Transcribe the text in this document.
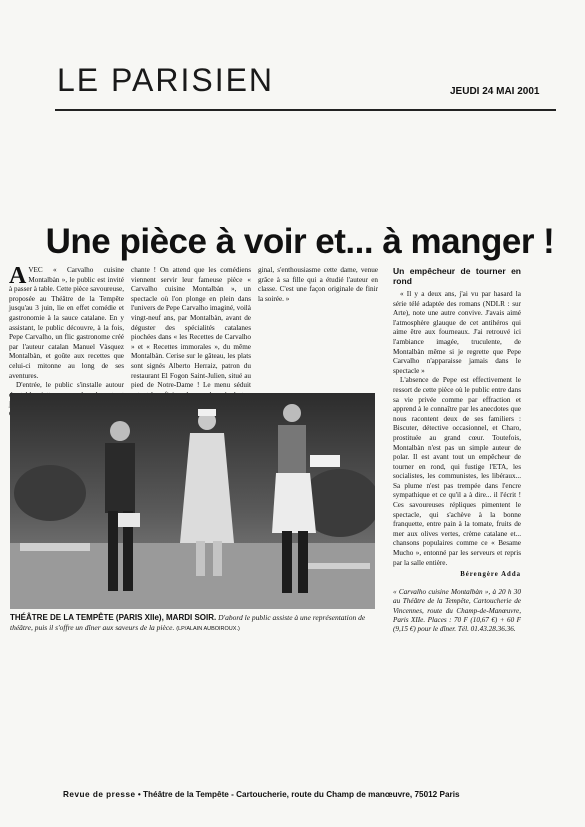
LE PARISIEN	JEUDI 24 MAI 2001
Une pièce à voir et... à manger !

AVEC « Carvalho cuisine Montalbàn », le public est invité à passer à table. Cette pièce savoureuse, proposée au Théâtre de la Tempête jusqu'au 3 juin, lie en effet comédie et gastronomie à la sauce catalane. En y assistant, le public découvre, à la fois, Pepe Carvalho, un flic gastronome créé par l'auteur catalan Manuel Vàsquez Montalbàn, et goûte aux recettes que celui-ci mitonne au long de ses aventures.

D'entrée, le public s'installe autour

chante ! On attend que les comédiens viennent servir leur fameuse pièce « Carvalho cuisine Montalbàn », un spectacle où l'on plonge en plein dans l'univers de Pepe Carvalho imaginé, voilà vingt-neuf ans, par Montalbàn, avant de déguster des spécialités catalanes piochées dans « les Recettes de Carvalho » et « Recettes immorales », du même Montalbàn. Cerise sur le gâteau, les plats sont signés Alberto Herraiz, patron du restaurant El Fogon Saint-Julien, situé au pied de Notre-Dame ! Le menu séduit

ginal, s'enthousiasme cette dame, venue grâce à sa fille qui a étudié l'auteur en classe. C'est une façon originale de finir la soirée. »

Un empêcheur de tourner en rond

« Il y a deux ans, j'ai vu par hasard la série télé adaptée des romans (NDLR : sur Arte), note une autre convive. J'avais aimé l'atmosphère glauque de cet antihéros qui aime être aux fourneaux. J'ai retrouvé ici l'ambiance imagée, truculente, de Montalbàn même si je regrette que Pepe Carvalho n'apparaisse jamais dans le spectacle »

L'absence de Pepe est effectivement le ressort de cette pièce où le public entre dans sa vie privée comme par effraction et apprend à le connaître par les anecdotes que nous racontent deux de ses familiers : Biscuter, détective occasionnel, et Charo, prostituée au grand cœur. Toutefois, Montalbàn n'est pas un simple auteur de polar. Il est avant tout un empêcheur de tourner en rond, qui fustige l'ETA, les socialistes, les communistes, les libéraux... Sa plume n'est pas trempée dans l'encre sympathique et ce qu'il a à dire... il l'écrit ! Ces savoureuses répliques pimentent le spectacle, qui s'achève à la bonne franquette, entre pain à la tomate, fruits de mer aux olives vertes, crème catalane et... chansons populaires comme ce « Besame Mucho », entonné par les serveurs et repris par la salle entière.

Bérengère Adda
« Carvalho cuisine Montalbàn », à 20 h 30 au Théâtre de la Tempête, Cartoucherie de Vincennes, route du Champ-de-Manœuvre, Paris XIIe. Places : 70 F (10,67 €) + 60 F (9,15 €) pour le dîner. Tél. 01.43.28.36.36.
THÉÂTRE DE LA TEMPÊTE (PARIS XIIe), MARDI SOIR. D'abord le public assiste à une représentation de théâtre, puis il s'offre un dîner aux saveurs de la pièce. (LP/ALAIN AUBOIROUX.)
Revue de presse • Théâtre de la Tempête - Cartoucherie, route du Champ de manœuvre, 75012 Paris
